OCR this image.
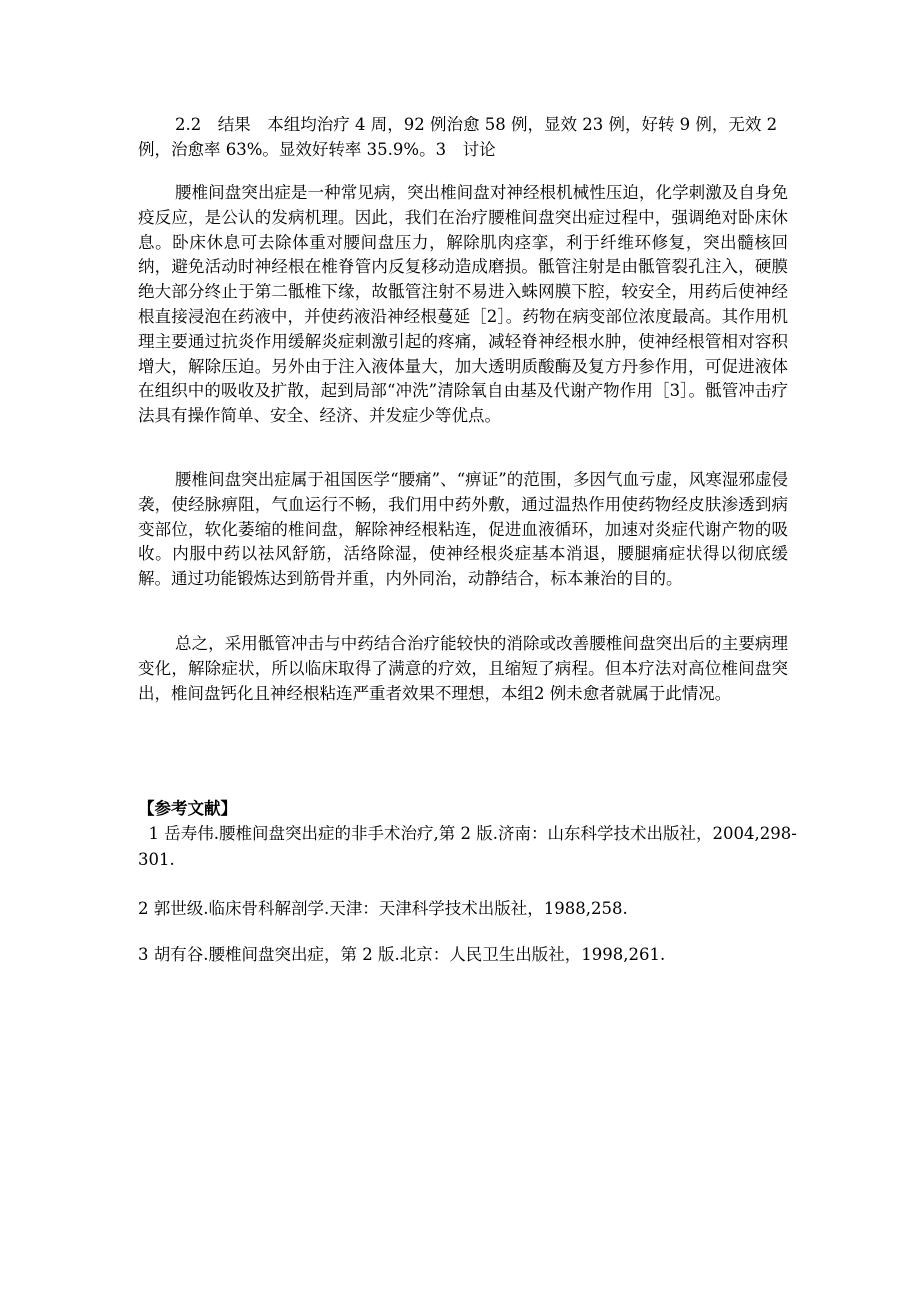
2.2　结果　本组均治疗 4 周，92 例治愈 58 例，显效 23 例，好转 9 例，无效 2 例，治愈率 63%。显效好转率 35.9%。3　讨论

腰椎间盘突出症是一种常见病，突出椎间盘对神经根机械性压迫，化学刺激及自身免疫反应，是公认的发病机理。因此，我们在治疗腰椎间盘突出症过程中，强调绝对卧床休息。卧床休息可去除体重对腰间盘压力，解除肌肉痉挛，利于纤维环修复，突出髓核回纳，避免活动时神经根在椎脊管内反复移动造成磨损。骶管注射是由骶管裂孔注入，硬膜绝大部分终止于第二骶椎下缘，故骶管注射不易进入蛛网膜下腔，较安全，用药后使神经根直接浸泡在药液中，并使药液沿神经根蔓延［2］。药物在病变部位浓度最高。其作用机理主要通过抗炎作用缓解炎症刺激引起的疼痛，减轻脊神经根水肿，使神经根管相对容积增大，解除压迫。另外由于注入液体量大，加大透明质酸酶及复方丹参作用，可促进液体在组织中的吸收及扩散，起到局部“冲洗”清除氧自由基及代谢产物作用［3］。骶管冲击疗法具有操作简单、安全、经济、并发症少等优点。

腰椎间盘突出症属于祖国医学“腰痛”、“痹证”的范围，多因气血亏虚，风寒湿邪虚侵袭，使经脉痹阻，气血运行不畅，我们用中药外敷，通过温热作用使药物经皮肤渗透到病变部位，软化萎缩的椎间盘，解除神经根粘连，促进血液循环，加速对炎症代谢产物的吸收。内服中药以祛风舒筋，活络除湿，使神经根炎症基本消退，腰腿痛症状得以彻底缓解。通过功能锻炼达到筋骨并重，内外同治，动静结合，标本兼治的目的。

总之，采用骶管冲击与中药结合治疗能较快的消除或改善腰椎间盘突出后的主要病理变化，解除症状，所以临床取得了满意的疗效，且缩短了病程。但本疗法对高位椎间盘突出，椎间盘钙化且神经根粘连严重者效果不理想，本组2 例未愈者就属于此情况。

【参考文献】
1 岳寿伟.腰椎间盘突出症的非手术治疗,第 2 版.济南：山东科学技术出版社，2004,298-301.
2 郭世级.临床骨科解剖学.天津：天津科学技术出版社，1988,258.
3 胡有谷.腰椎间盘突出症，第 2 版.北京：人民卫生出版社，1998,261.
